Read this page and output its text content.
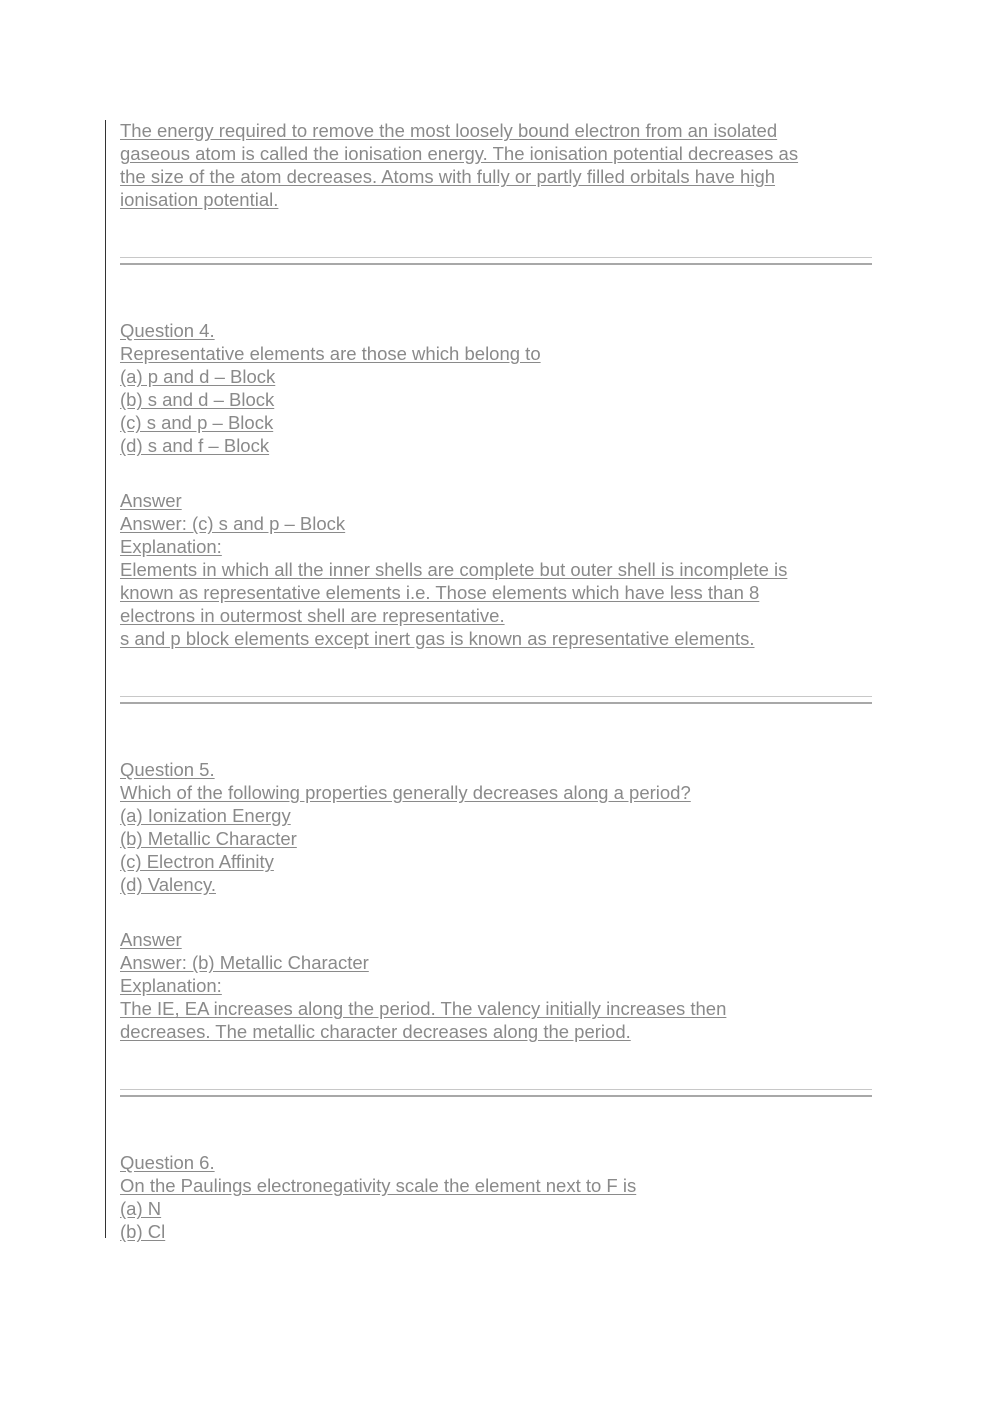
The energy required to remove the most loosely bound electron from an isolated
gaseous atom is called the ionisation energy. The ionisation potential decreases as
the size of the atom decreases. Atoms with fully or partly filled orbitals have high
ionisation potential.
Question 4.
Representative elements are those which belong to
(a) p and d – Block
(b) s and d – Block
(c) s and p – Block
(d) s and f – Block
Answer
Answer: (c) s and p – Block
Explanation:
Elements in which all the inner shells are complete but outer shell is incomplete is
known as representative elements i.e. Those elements which have less than 8
electrons in outermost shell are representative.
s and p block elements except inert gas is known as representative elements.
Question 5.
Which of the following properties generally decreases along a period?
(a) Ionization Energy
(b) Metallic Character
(c) Electron Affinity
(d) Valency.
Answer
Answer: (b) Metallic Character
Explanation:
The IE, EA increases along the period. The valency initially increases then
decreases. The metallic character decreases along the period.
Question 6.
On the Paulings electronegativity scale the element next to F is
(a) N
(b) Cl
